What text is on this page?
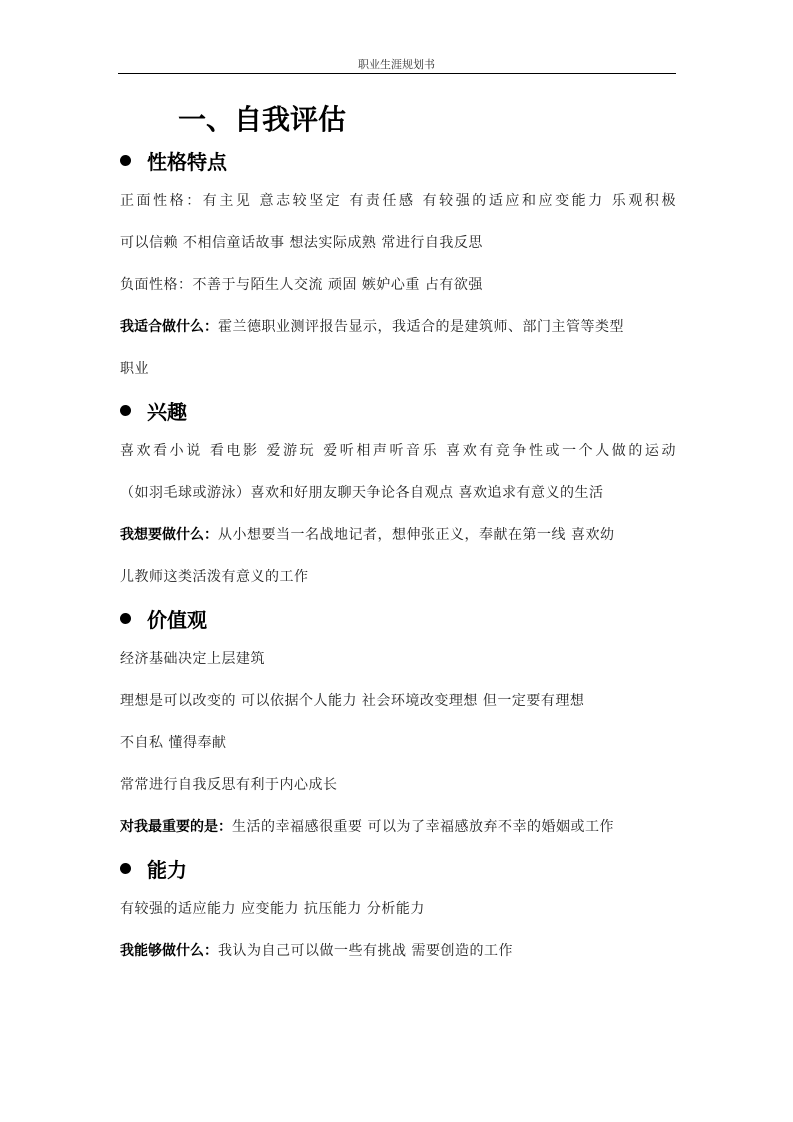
职业生涯规划书
一、自我评估
性格特点
正面性格：有主见 意志较坚定 有责任感 有较强的适应和应变能力 乐观积极
可以信赖 不相信童话故事 想法实际成熟 常进行自我反思
负面性格：不善于与陌生人交流 顽固 嫉妒心重 占有欲强
我适合做什么：霍兰德职业测评报告显示，我适合的是建筑师、部门主管等类型
职业
兴趣
喜欢看小说 看电影 爱游玩 爱听相声听音乐 喜欢有竞争性或一个人做的运动
（如羽毛球或游泳）喜欢和好朋友聊天争论各自观点 喜欢追求有意义的生活
我想要做什么：从小想要当一名战地记者，想伸张正义，奉献在第一线 喜欢幼
儿教师这类活泼有意义的工作
价值观
经济基础决定上层建筑
理想是可以改变的 可以依据个人能力 社会环境改变理想 但一定要有理想
不自私 懂得奉献
常常进行自我反思有利于内心成长
对我最重要的是：生活的幸福感很重要 可以为了幸福感放弃不幸的婚姻或工作
能力
有较强的适应能力 应变能力 抗压能力 分析能力
我能够做什么：我认为自己可以做一些有挑战 需要创造的工作
